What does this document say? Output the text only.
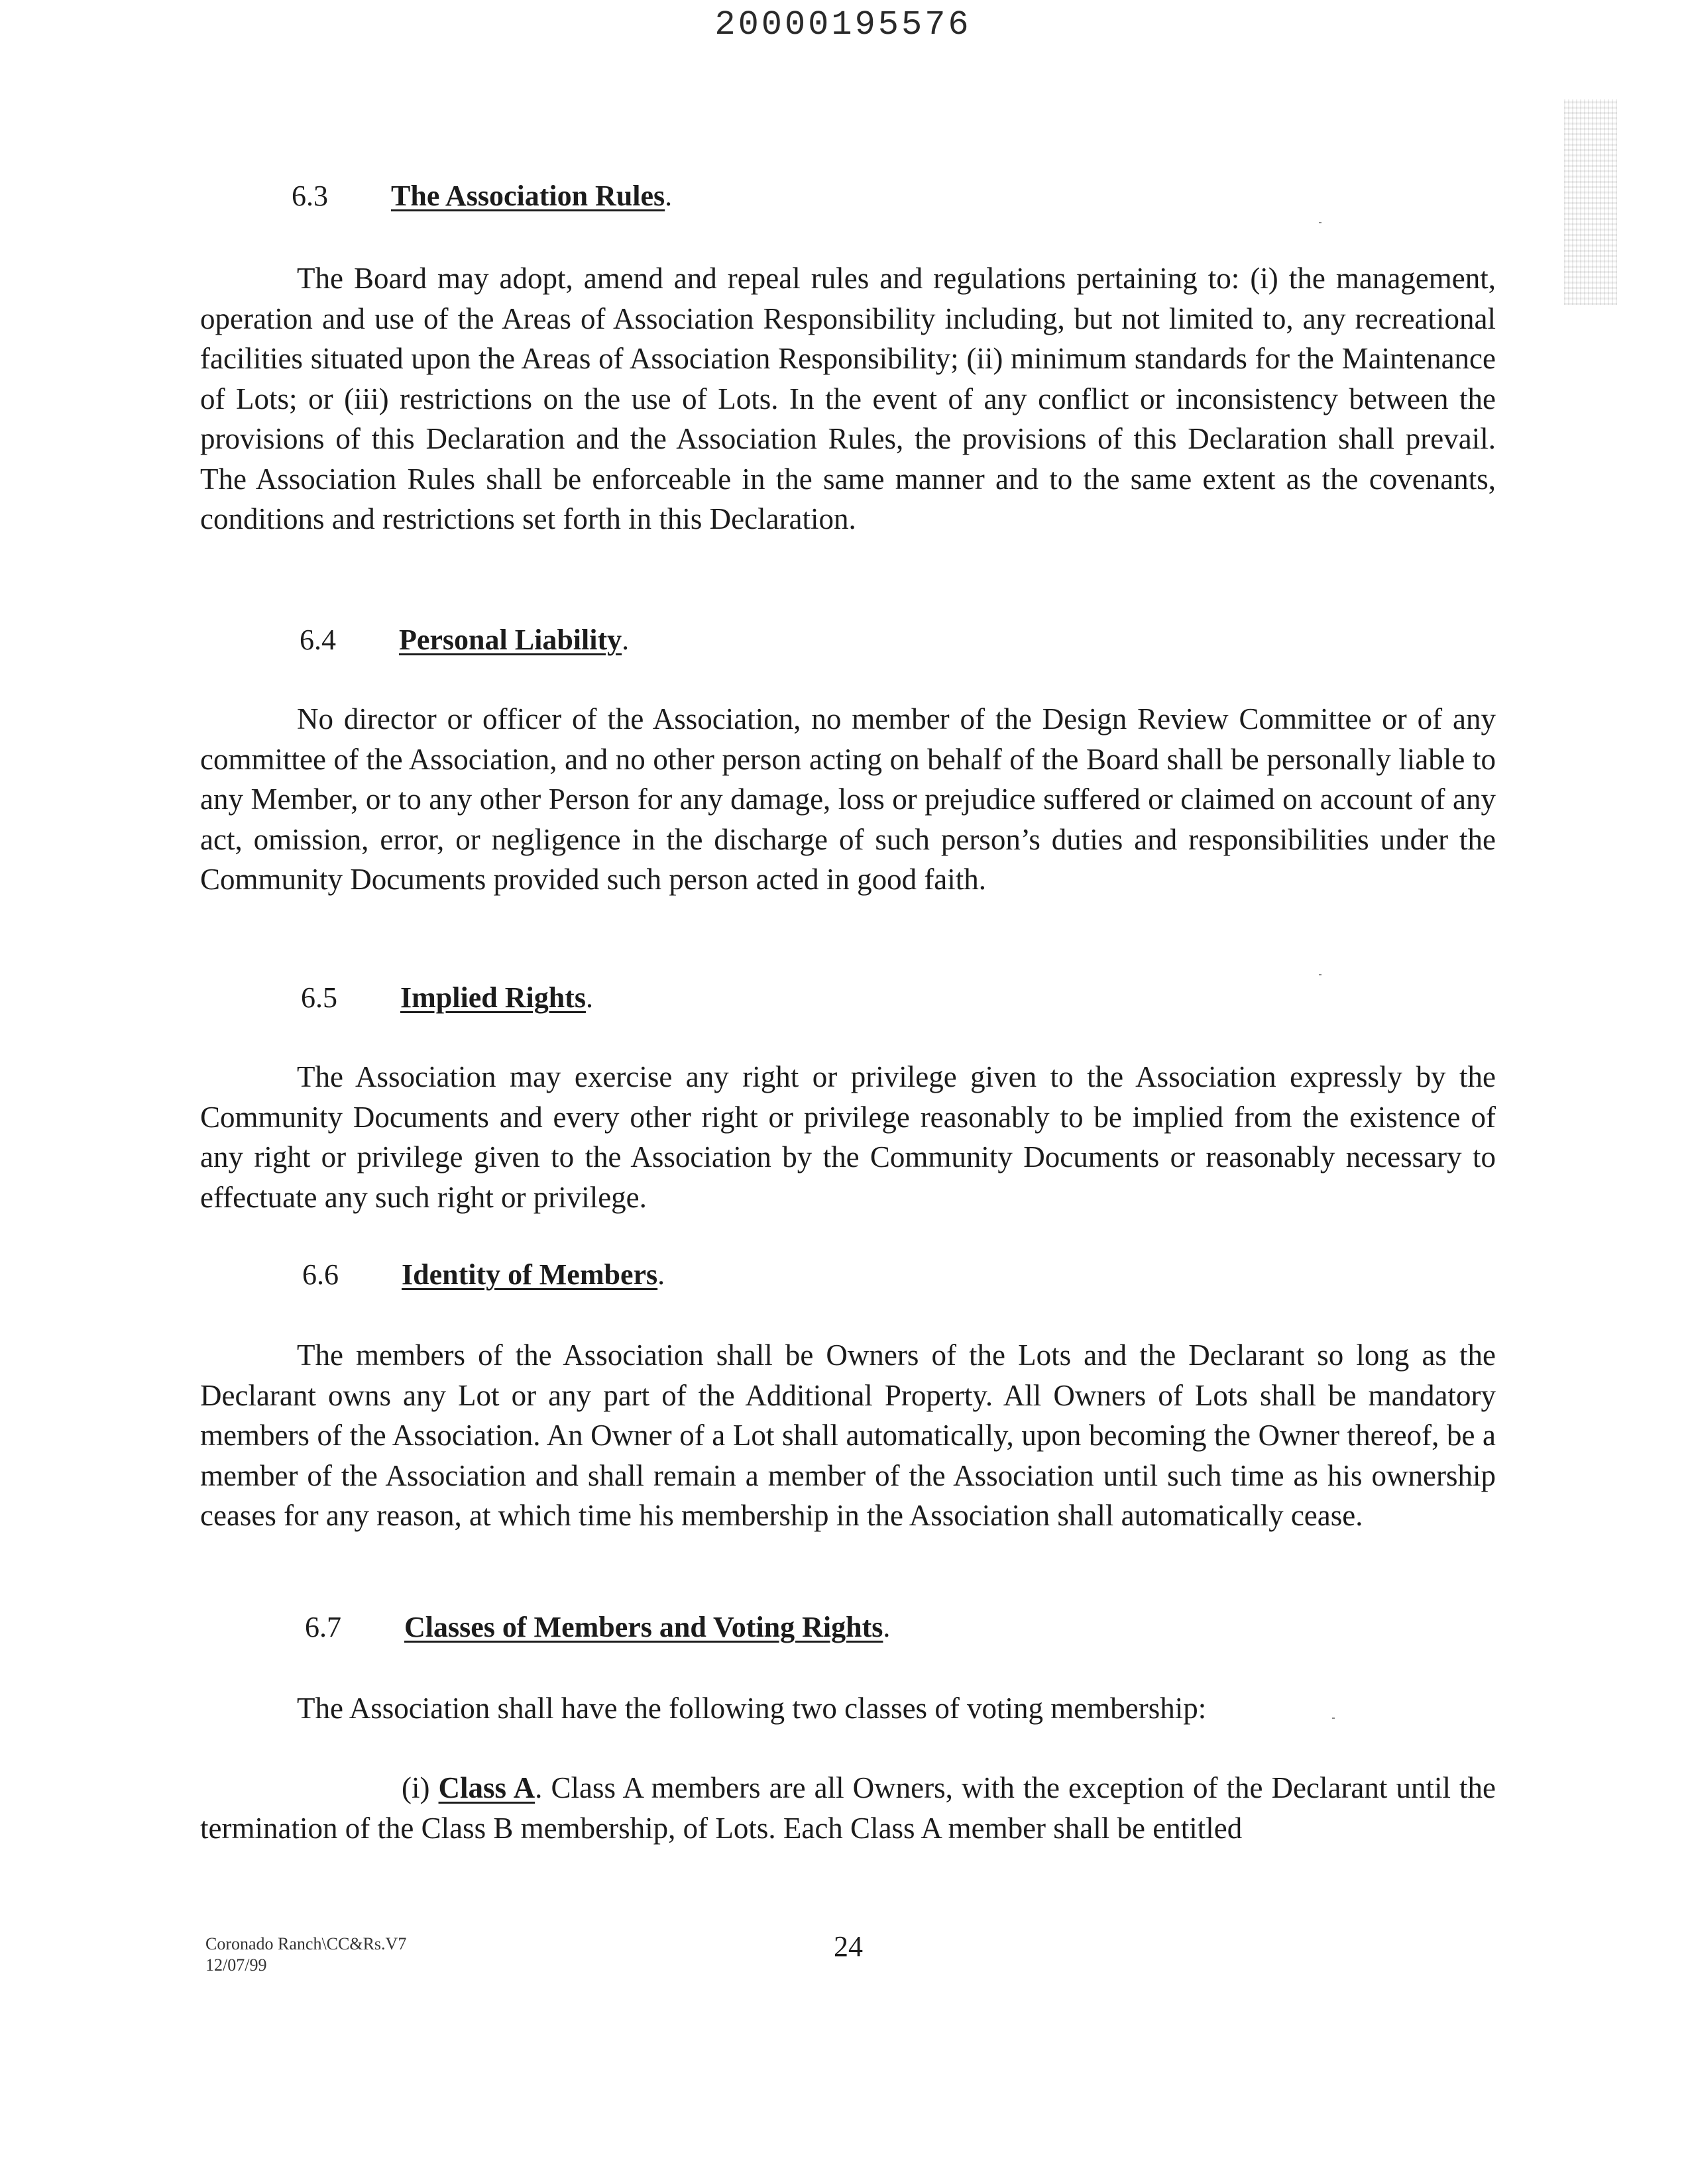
20000195576
6.3 The Association Rules.

The Board may adopt, amend and repeal rules and regulations pertaining to: (i) the management, operation and use of the Areas of Association Responsibility including, but not limited to, any recreational facilities situated upon the Areas of Association Responsibility; (ii) minimum standards for the Maintenance of Lots; or (iii) restrictions on the use of Lots. In the event of any conflict or inconsistency between the provisions of this Declaration and the Association Rules, the provisions of this Declaration shall prevail. The Association Rules shall be enforceable in the same manner and to the same extent as the covenants, conditions and restrictions set forth in this Declaration.

6.4 Personal Liability.

No director or officer of the Association, no member of the Design Review Committee or of any committee of the Association, and no other person acting on behalf of the Board shall be personally liable to any Member, or to any other Person for any damage, loss or prejudice suffered or claimed on account of any act, omission, error, or negligence in the discharge of such person’s duties and responsibilities under the Community Documents provided such person acted in good faith.

6.5 Implied Rights.

The Association may exercise any right or privilege given to the Association expressly by the Community Documents and every other right or privilege reasonably to be implied from the existence of any right or privilege given to the Association by the Community Documents or reasonably necessary to effectuate any such right or privilege.

6.6 Identity of Members.

The members of the Association shall be Owners of the Lots and the Declarant so long as the Declarant owns any Lot or any part of the Additional Property. All Owners of Lots shall be mandatory members of the Association. An Owner of a Lot shall automatically, upon becoming the Owner thereof, be a member of the Association and shall remain a member of the Association until such time as his ownership ceases for any reason, at which time his membership in the Association shall automatically cease.

6.7 Classes of Members and Voting Rights.

The Association shall have the following two classes of voting membership:

(i) Class A. Class A members are all Owners, with the exception of the Declarant until the termination of the Class B membership, of Lots. Each Class A member shall be entitled

Coronado Ranch\CC&Rs.V7
12/07/99
24
